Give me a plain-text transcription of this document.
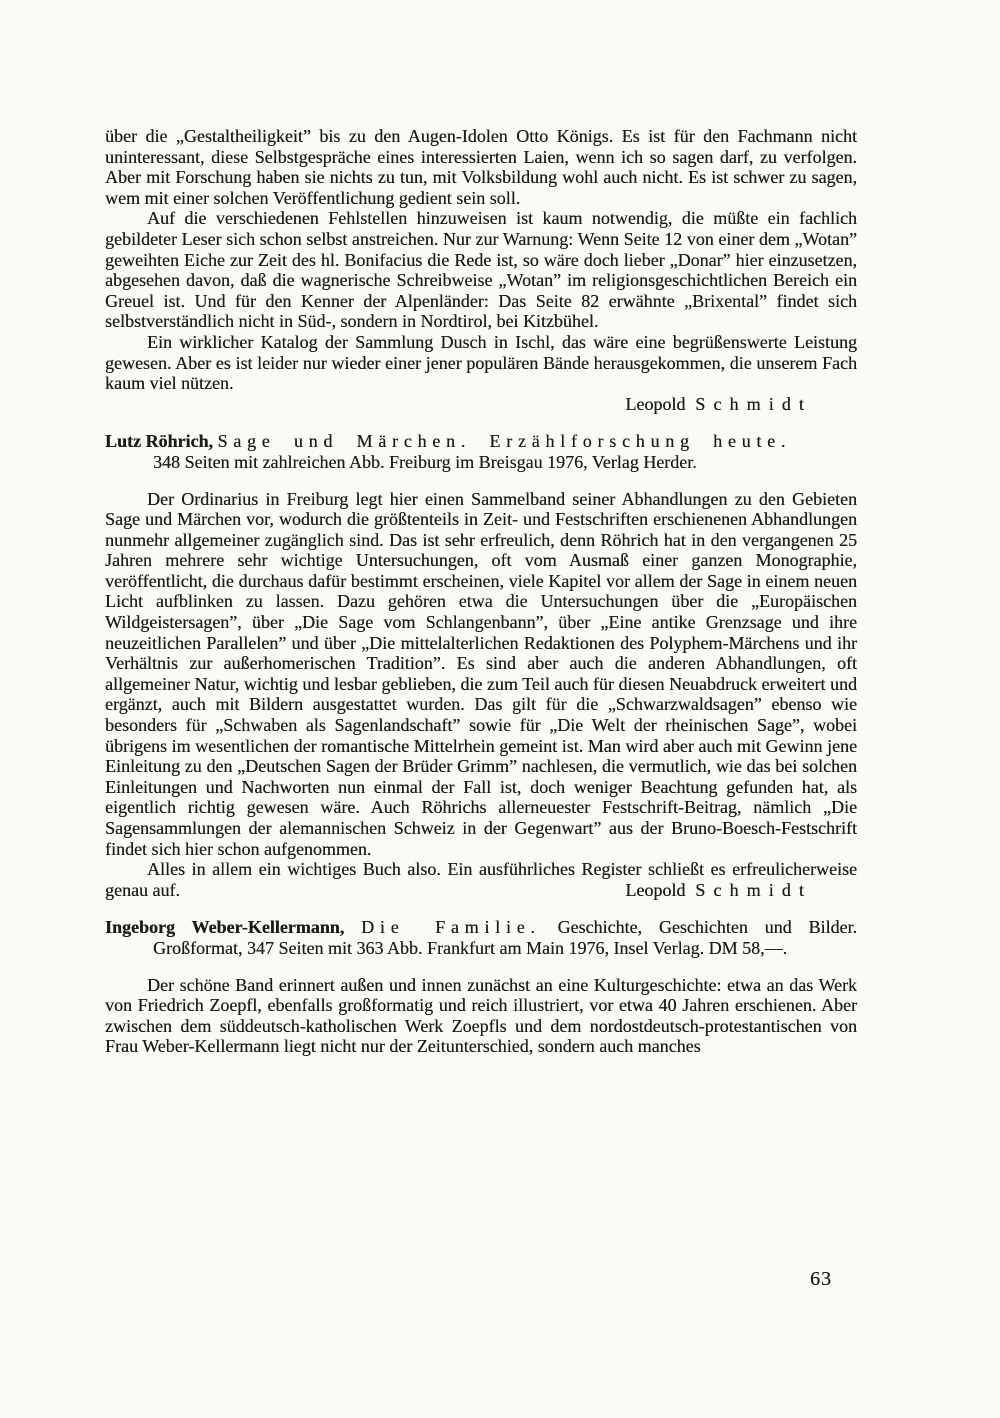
über die „Gestaltheiligkeit” bis zu den Augen-Idolen Otto Königs. Es ist für den Fachmann nicht uninteressant, diese Selbstgespräche eines interessierten Laien, wenn ich so sagen darf, zu verfolgen. Aber mit Forschung haben sie nichts zu tun, mit Volksbildung wohl auch nicht. Es ist schwer zu sagen, wem mit einer solchen Veröffentlichung gedient sein soll.

Auf die verschiedenen Fehlstellen hinzuweisen ist kaum notwendig, die müßte ein fachlich gebildeter Leser sich schon selbst anstreichen. Nur zur Warnung: Wenn Seite 12 von einer dem „Wotan” geweihten Eiche zur Zeit des hl. Bonifacius die Rede ist, so wäre doch lieber „Donar” hier einzusetzen, abgesehen davon, daß die wagnerische Schreibweise „Wotan” im religionsgeschichtlichen Bereich ein Greuel ist. Und für den Kenner der Alpenländer: Das Seite 82 erwähnte „Brixental” findet sich selbstverständlich nicht in Süd-, sondern in Nordtirol, bei Kitzbühel.

Ein wirklicher Katalog der Sammlung Dusch in Ischl, das wäre eine begrüßenswerte Leistung gewesen. Aber es ist leider nur wieder einer jener populären Bände herausgekommen, die unserem Fach kaum viel nützen.

Leopold Schmidt

Lutz Röhrich, Sage und Märchen. Erzählforschung heute.
348 Seiten mit zahlreichen Abb. Freiburg im Breisgau 1976, Verlag Herder.

Der Ordinarius in Freiburg legt hier einen Sammelband seiner Abhandlungen zu den Gebieten Sage und Märchen vor, wodurch die größtenteils in Zeit- und Festschriften erschienenen Abhandlungen nunmehr allgemeiner zugänglich sind. Das ist sehr erfreulich, denn Röhrich hat in den vergangenen 25 Jahren mehrere sehr wichtige Untersuchungen, oft vom Ausmaß einer ganzen Monographie, veröffentlicht, die durchaus dafür bestimmt erscheinen, viele Kapitel vor allem der Sage in einem neuen Licht aufblinken zu lassen. Dazu gehören etwa die Untersuchungen über die „Europäischen Wildgeistersagen”, über „Die Sage vom Schlangenbann”, über „Eine antike Grenzsage und ihre neuzeitlichen Parallelen” und über „Die mittelalterlichen Redaktionen des Polyphem-Märchens und ihr Verhältnis zur außerhomerischen Tradition”. Es sind aber auch die anderen Abhandlungen, oft allgemeiner Natur, wichtig und lesbar geblieben, die zum Teil auch für diesen Neuabdruck erweitert und ergänzt, auch mit Bildern ausgestattet wurden. Das gilt für die „Schwarzwaldsagen” ebenso wie besonders für „Schwaben als Sagenlandschaft” sowie für „Die Welt der rheinischen Sage”, wobei übrigens im wesentlichen der romantische Mittelrhein gemeint ist. Man wird aber auch mit Gewinn jene Einleitung zu den „Deutschen Sagen der Brüder Grimm” nachlesen, die vermutlich, wie das bei solchen Einleitungen und Nachworten nun einmal der Fall ist, doch weniger Beachtung gefunden hat, als eigentlich richtig gewesen wäre. Auch Röhrichs allerneuester Festschrift-Beitrag, nämlich „Die Sagensammlungen der alemannischen Schweiz in der Gegenwart” aus der Bruno-Boesch-Festschrift findet sich hier schon aufgenommen.

Alles in allem ein wichtiges Buch also. Ein ausführliches Register schließt es erfreulicherweise genau auf.	Leopold Schmidt

Ingeborg Weber-Kellermann, Die Familie. Geschichte, Geschichten und Bilder. Großformat, 347 Seiten mit 363 Abb. Frankfurt am Main 1976, Insel Verlag. DM 58,—.

Der schöne Band erinnert außen und innen zunächst an eine Kulturgeschichte: etwa an das Werk von Friedrich Zoepfl, ebenfalls großformatig und reich illustriert, vor etwa 40 Jahren erschienen. Aber zwischen dem süddeutsch-katholischen Werk Zoepfls und dem nordostdeutsch-protestantischen von Frau Weber-Kellermann liegt nicht nur der Zeitunterschied, sondern auch manches

63
